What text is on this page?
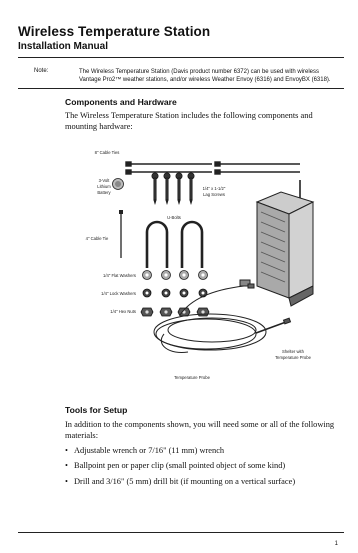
Wireless Temperature Station
Installation Manual
Note:	The Wireless Temperature Station (Davis product number 6372) can be used with wireless Vantage Pro2™ weather stations, and/or wireless Weather Envoy (6316) and EnvoyBX (6318).
Components and Hardware
The Wireless Temperature Station includes the following components and mounting hardware:
8" Cable Ties
3-Volt
Lithium
Battery
1/4" x 1-1/2"
Lag Screws
U-Bolts
4" Cable Tie
1/4" Flat Washers
1/4" Lock Washers
1/4" Hex Nuts
Shelter with
Temperature Probe
Temperature Probe
Tools for Setup
In addition to the components shown, you will need some or all of the following materials:
• Adjustable wrench or 7/16" (11 mm) wrench
• Ballpoint pen or paper clip (small pointed object of some kind)
• Drill and 3/16" (5 mm) drill bit (if mounting on a vertical surface)
1
